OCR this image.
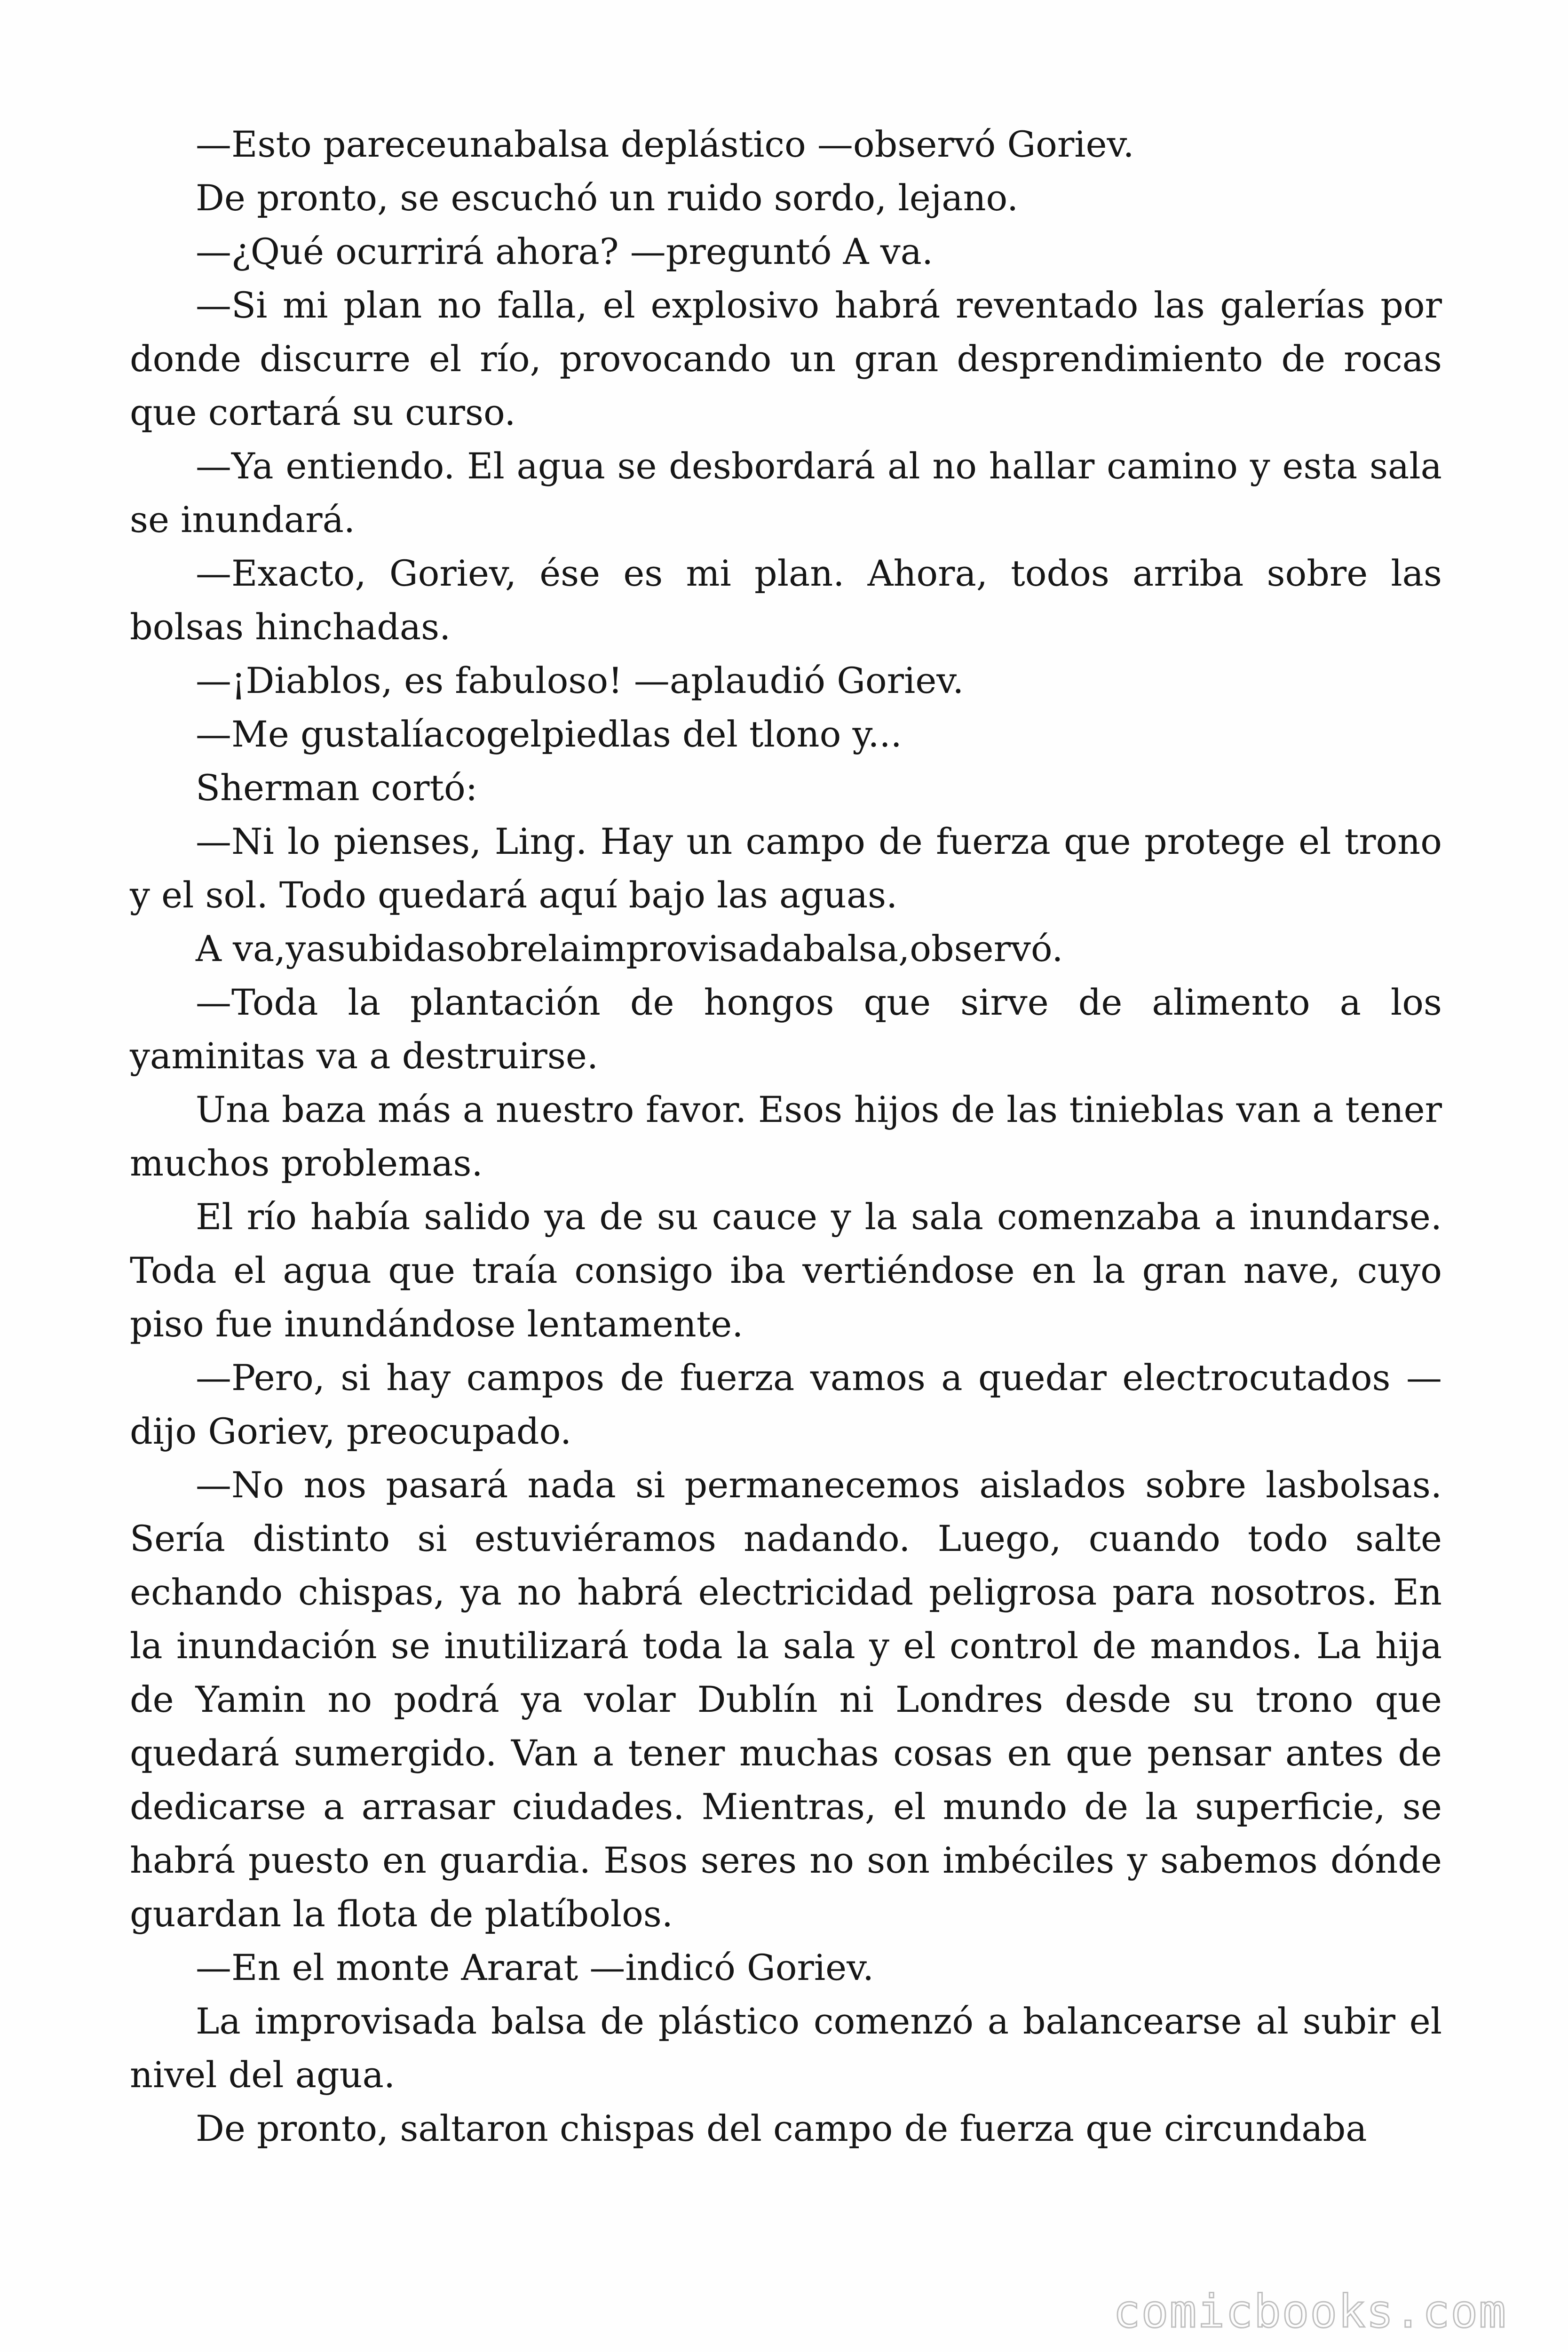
—Esto pareceunabalsa deplástico —observó Goriev.

De pronto, se escuchó un ruido sordo, lejano.

—¿Qué ocurrirá ahora? —preguntó A va.

—Si mi plan no falla, el explosivo habrá reventado las galerías por donde discurre el río, provocando un gran desprendimiento de rocas que cortará su curso.

—Ya entiendo. El agua se desbordará al no hallar camino y esta sala se inundará.

—Exacto, Goriev, ése es mi plan. Ahora, todos arriba sobre las bolsas hinchadas.

—¡Diablos, es fabuloso! —aplaudió Goriev.

—Me gustalíacogelpiedlas del tlono y...

Sherman cortó:

—Ni lo pienses, Ling. Hay un campo de fuerza que protege el trono y el sol. Todo quedará aquí bajo las aguas.

A va,yasubidasobrelaimprovisadabalsa,observó.

—Toda la plantación de hongos que sirve de alimento a los yaminitas va a destruirse.

Una baza más a nuestro favor. Esos hijos de las tinieblas van a tener muchos problemas.

El río había salido ya de su cauce y la sala comenzaba a inundarse. Toda el agua que traía consigo iba vertiéndose en la gran nave, cuyo piso fue inundándose lentamente.

—Pero, si hay campos de fuerza vamos a quedar electrocutados —dijo Goriev, preocupado.

—No nos pasará nada si permanecemos aislados sobre lasbolsas. Sería distinto si estuviéramos nadando. Luego, cuando todo salte echando chispas, ya no habrá electricidad peligrosa para nosotros. En la inundación se inutilizará toda la sala y el control de mandos. La hija de Yamin no podrá ya volar Dublín ni Londres desde su trono que quedará sumergido. Van a tener muchas cosas en que pensar antes de dedicarse a arrasar ciudades. Mientras, el mundo de la superficie, se habrá puesto en guardia. Esos seres no son imbéciles y sabemos dónde guardan la flota de platíbolos.

—En el monte Ararat —indicó Goriev.

La improvisada balsa de plástico comenzó a balancearse al subir el nivel del agua.

De pronto, saltaron chispas del campo de fuerza que circundaba

comicbooks.com
